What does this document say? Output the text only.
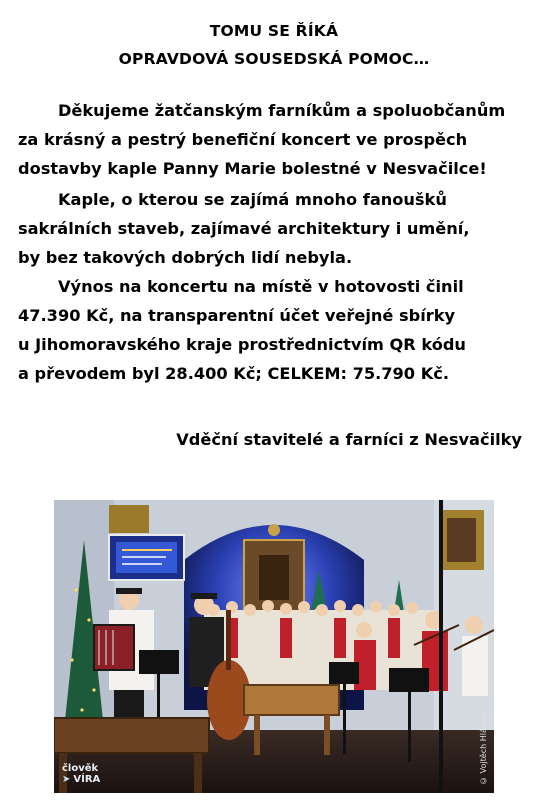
TOMU SE ŘÍKÁ
OPRAVDOVÁ SOUSEDSKÁ POMOC…

Děkujeme žatčanským farníkům a spoluobčanům
za krásný a pestrý benefiční koncert ve prospěch
dostavby kaple Panny Marie bolestné v Nesvačilce!

Kaple, o kterou se zajímá mnoho fanoušků
sakrálních staveb, zajímavé architektury i umění,
by bez takových dobrých lidí nebyla.

Výnos na koncertu na místě v hotovosti činil
47.390 Kč, na transparentní účet veřejné sbírky
u Jihomoravského kraje prostřednictvím QR kódu
a převodem byl 28.400 Kč; CELKEM: 75.790 Kč.

Vděční stavitelé a farníci z Nesvačilky
člověk
➤ VÍRA	© Vojtěch Hlávka
